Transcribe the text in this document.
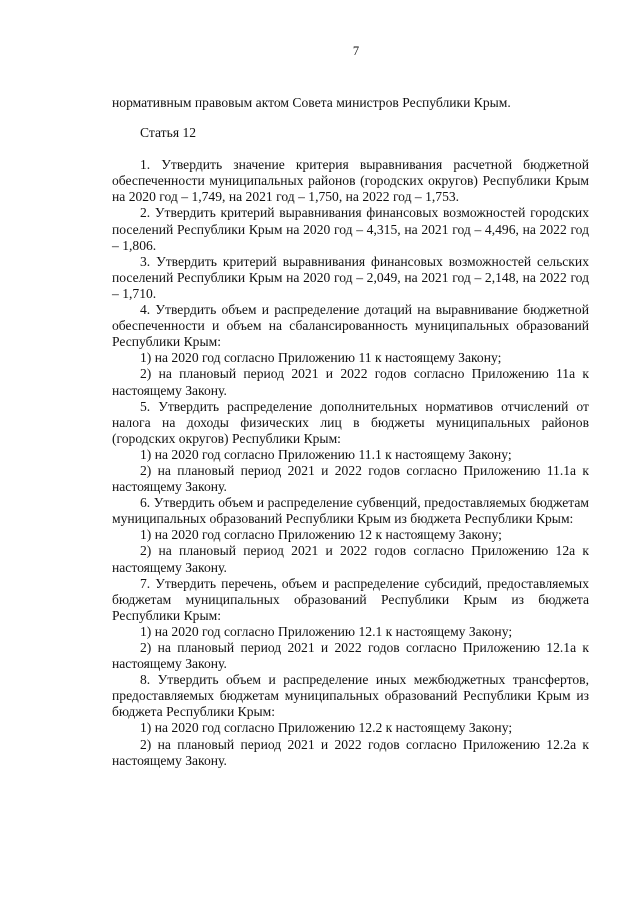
7

нормативным правовым актом Совета министров Республики Крым.

Статья 12

1. Утвердить значение критерия выравнивания расчетной бюджетной обеспеченности муниципальных районов (городских округов) Республики Крым на 2020 год – 1,749, на 2021 год – 1,750, на 2022 год – 1,753.

2. Утвердить критерий выравнивания финансовых возможностей городских поселений Республики Крым на 2020 год – 4,315, на 2021 год – 4,496, на 2022 год – 1,806.

3. Утвердить критерий выравнивания финансовых возможностей сельских поселений Республики Крым на 2020 год – 2,049, на 2021 год – 2,148, на 2022 год – 1,710.

4. Утвердить объем и распределение дотаций на выравнивание бюджетной обеспеченности и объем на сбалансированность муниципальных образований Республики Крым:

1) на 2020 год согласно Приложению 11 к настоящему Закону;

2) на плановый период 2021 и 2022 годов согласно Приложению 11а к настоящему Закону.

5. Утвердить распределение дополнительных нормативов отчислений от налога на доходы физических лиц в бюджеты муниципальных районов (городских округов) Республики Крым:

1) на 2020 год согласно Приложению 11.1 к настоящему Закону;

2) на плановый период 2021 и 2022 годов согласно Приложению 11.1а к настоящему Закону.

6. Утвердить объем и распределение субвенций, предоставляемых бюджетам муниципальных образований Республики Крым из бюджета Республики Крым:

1) на 2020 год согласно Приложению 12 к настоящему Закону;

2) на плановый период 2021 и 2022 годов согласно Приложению 12а к настоящему Закону.

7. Утвердить перечень, объем и распределение субсидий, предоставляемых бюджетам муниципальных образований Республики Крым из бюджета Республики Крым:

1) на 2020 год согласно Приложению 12.1 к настоящему Закону;

2) на плановый период 2021 и 2022 годов согласно Приложению 12.1а к настоящему Закону.

8. Утвердить объем и распределение иных межбюджетных трансфертов, предоставляемых бюджетам муниципальных образований Республики Крым из бюджета Республики Крым:

1) на 2020 год согласно Приложению 12.2 к настоящему Закону;

2) на плановый период 2021 и 2022 годов согласно Приложению 12.2а к настоящему Закону.
